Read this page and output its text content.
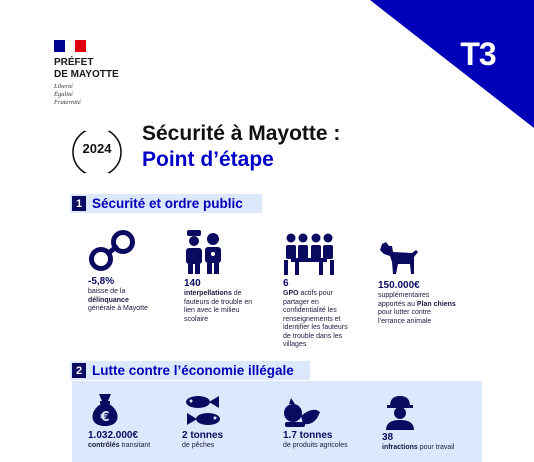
T3
PRÉFET
DE MAYOTTE
Liberté
Égalité
Fraternité
2024
Sécurité à Mayotte :
Point d’étape
1 Sécurité et ordre public
-5,8%
baisse de la délinquance générale à Mayotte
140
interpellations de fauteurs de trouble en lien avec le milieu scolaire
6
GPO actifs pour partager en confidentialité les renseignements et identifier les fauteurs de trouble dans les villages
150.000€
supplémentaires apportés au Plan chiens pour lutter contre l’errance animale
2 Lutte contre l’économie illégale
€
1.032.000€
contrôlés transitant
2 tonnes
de pêches
1.7 tonnes
de produits agricoles
38
infractions pour travail
